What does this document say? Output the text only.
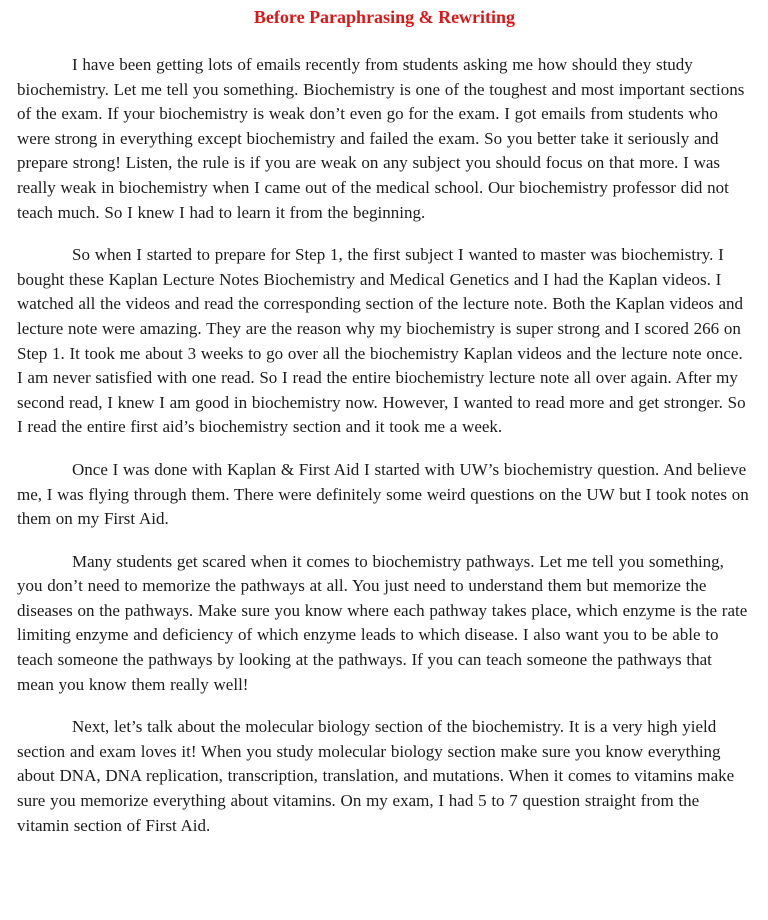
Before Paraphrasing & Rewriting

I have been getting lots of emails recently from students asking me how should they study biochemistry. Let me tell you something. Biochemistry is one of the toughest and most important sections of the exam. If your biochemistry is weak don’t even go for the exam. I got emails from students who were strong in everything except biochemistry and failed the exam. So you better take it seriously and prepare strong! Listen, the rule is if you are weak on any subject you should focus on that more. I was really weak in biochemistry when I came out of the medical school. Our biochemistry professor did not teach much. So I knew I had to learn it from the beginning.

So when I started to prepare for Step 1, the first subject I wanted to master was biochemistry. I bought these Kaplan Lecture Notes Biochemistry and Medical Genetics and I had the Kaplan videos. I watched all the videos and read the corresponding section of the lecture note. Both the Kaplan videos and lecture note were amazing. They are the reason why my biochemistry is super strong and I scored 266 on Step 1. It took me about 3 weeks to go over all the biochemistry Kaplan videos and the lecture note once. I am never satisfied with one read. So I read the entire biochemistry lecture note all over again. After my second read, I knew I am good in biochemistry now. However, I wanted to read more and get stronger. So I read the entire first aid’s biochemistry section and it took me a week.

Once I was done with Kaplan & First Aid I started with UW’s biochemistry question. And believe me, I was flying through them. There were definitely some weird questions on the UW but I took notes on them on my First Aid.

Many students get scared when it comes to biochemistry pathways. Let me tell you something, you don’t need to memorize the pathways at all. You just need to understand them but memorize the diseases on the pathways. Make sure you know where each pathway takes place, which enzyme is the rate limiting enzyme and deficiency of which enzyme leads to which disease. I also want you to be able to teach someone the pathways by looking at the pathways. If you can teach someone the pathways that mean you know them really well!

Next, let’s talk about the molecular biology section of the biochemistry. It is a very high yield section and exam loves it! When you study molecular biology section make sure you know everything about DNA, DNA replication, transcription, translation, and mutations. When it comes to vitamins make sure you memorize everything about vitamins. On my exam, I had 5 to 7 question straight from the vitamin section of First Aid.
